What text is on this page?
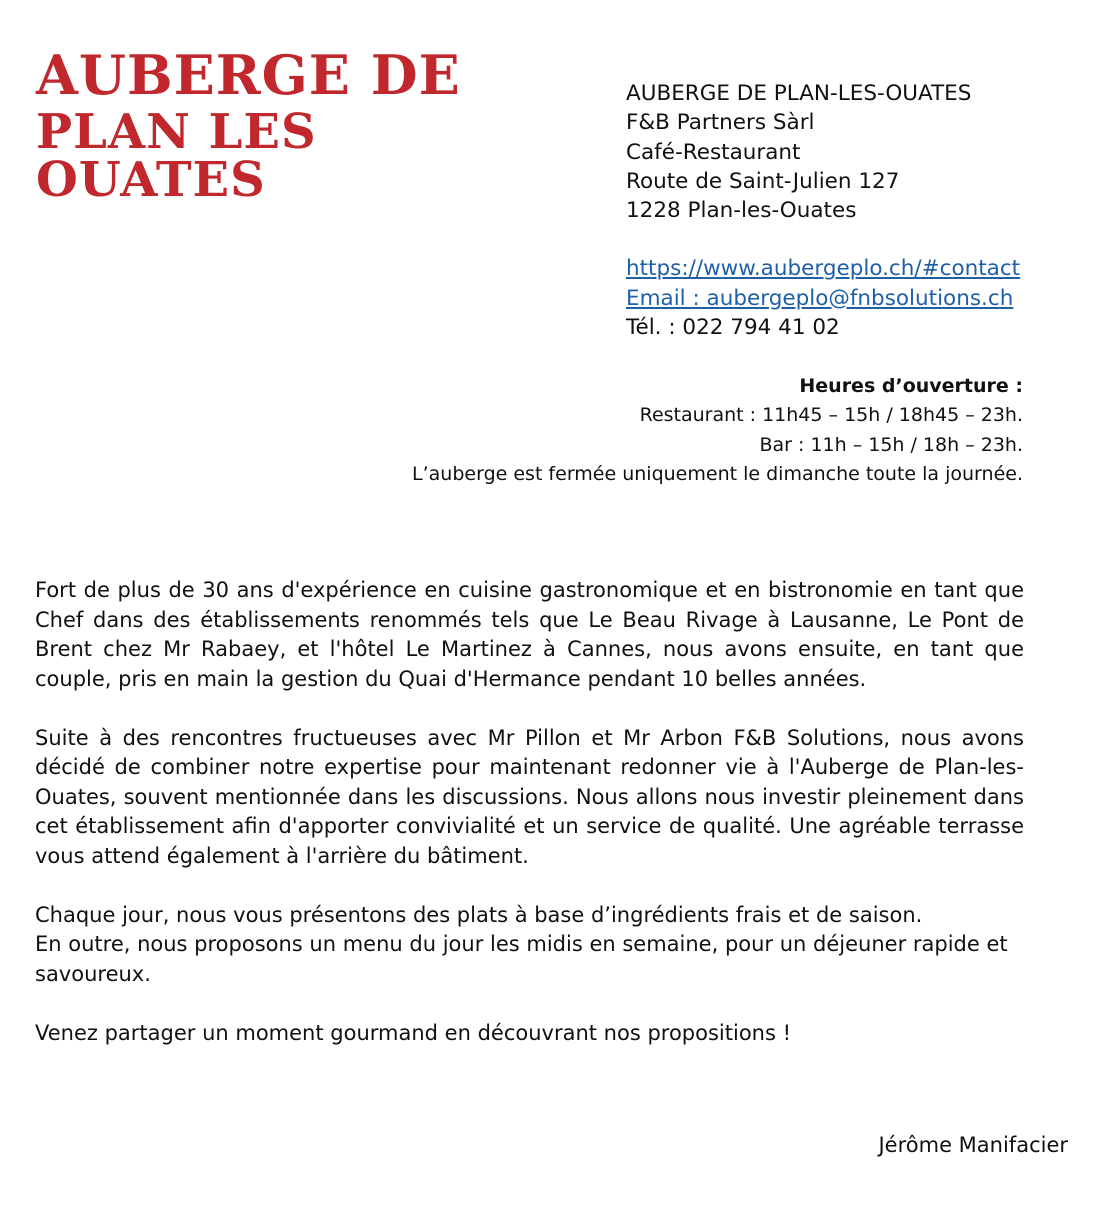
AUBERGE DE
PLAN LES OUATES
AUBERGE DE PLAN-LES-OUATES
F&B Partners Sàrl
Café-Restaurant
Route de Saint-Julien 127
1228 Plan-les-Ouates
https://www.aubergeplo.ch/#contact
Email : aubergeplo@fnbsolutions.ch
Tél. : 022 794 41 02
Heures d’ouverture :
Restaurant : 11h45 – 15h / 18h45 – 23h.
Bar : 11h – 15h / 18h – 23h.
L’auberge est fermée uniquement le dimanche toute la journée.

Fort de plus de 30 ans d'expérience en cuisine gastronomique et en bistronomie en tant que Chef dans des établissements renommés tels que Le Beau Rivage à Lausanne, Le Pont de Brent chez Mr Rabaey, et l'hôtel Le Martinez à Cannes, nous avons ensuite, en tant que couple, pris en main la gestion du Quai d'Hermance pendant 10 belles années.

Suite à des rencontres fructueuses avec Mr Pillon et Mr Arbon F&B Solutions, nous avons décidé de combiner notre expertise pour maintenant redonner vie à l'Auberge de Plan-les-Ouates, souvent mentionnée dans les discussions. Nous allons nous investir pleinement dans cet établissement afin d'apporter convivialité et un service de qualité. Une agréable terrasse vous attend également à l'arrière du bâtiment.

Chaque jour, nous vous présentons des plats à base d’ingrédients frais et de saison.
En outre, nous proposons un menu du jour les midis en semaine, pour un déjeuner rapide et savoureux.

Venez partager un moment gourmand en découvrant nos propositions !

Jérôme Manifacier
